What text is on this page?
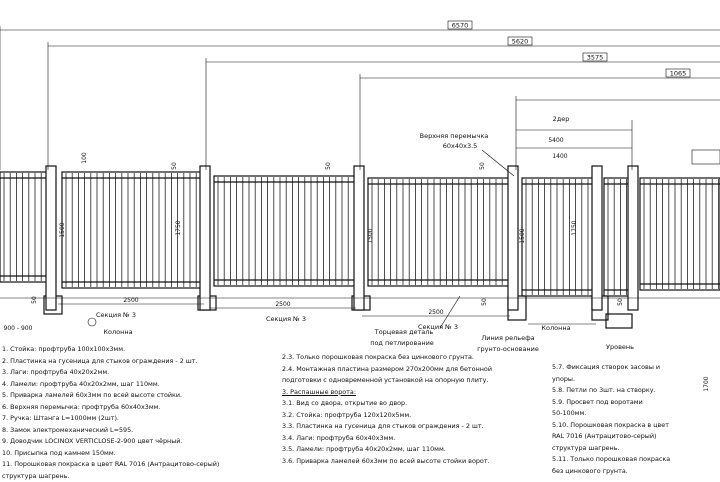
6570
5620
3575
1065
2дер
5400
1400
Верхняя перемычка
60x40x3.5
Торцевая деталь
под петлирование
Линия рельефа
грунто-основание
2500
Секция № 3
2500
Секция № 3
2500
Секция № 3
Колонна	Колонна
Уровень
900 - 900
1500	1750
1500	1500
1750
50	50	50
100
50	50	50
1700
1. Стойка: профтруба 100х100х3мм.
2. Пластинка на гусеница для стыков ограждения - 2 шт.
3. Лаги: профтруба 40х20х2мм.
4. Ламели: профтруба 40х20х2мм, шаг 110мм.
5. Приварка ламелей 60х3мм по всей высоте стойки.
6. Верхняя перемычка: профтруба 60х40х3мм.
7. Ручка: Штанга L=1000мм (2шт).
8. Замок электромеханический L=595.
9. Доводчик LOCINOX VERTICLOSE-2-900 цвет чёрный.
10. Присыпка под камнем 150мм.
11. Порошковая покраска в цвет RAL 7016 (Антрацитово-серый)
структура шагрень.
2.3. Только порошковая покраска без цинкового грунта.
2.4. Монтажная пластина размером 270х200мм для бетонной
подготовки с одновременной установкой на опорную плиту.
3. Распашные ворота:
3.1. Вид со двора, открытие во двор.
3.2. Стойка: профтруба 120х120х5мм.
3.3. Пластинка на гусеница для стыков ограждения - 2 шт.
3.4. Лаги: профтруба 60х40х3мм.
3.5. Ламели: профтруба 40х20х2мм, шаг 110мм.
3.6. Приварка ламелей 60х3мм по всей высоте стойки ворот.
5.7. Фиксация створок засовы и
упоры.
5.8. Петли по 3шт. на створку.
5.9. Просвет под воротами
50-100мм.
5.10. Порошковая покраска в цвет
RAL 7016 (Антрацитово-серый)
структура шагрень.
5.11. Только порошковая покраска
без цинкового грунта.
